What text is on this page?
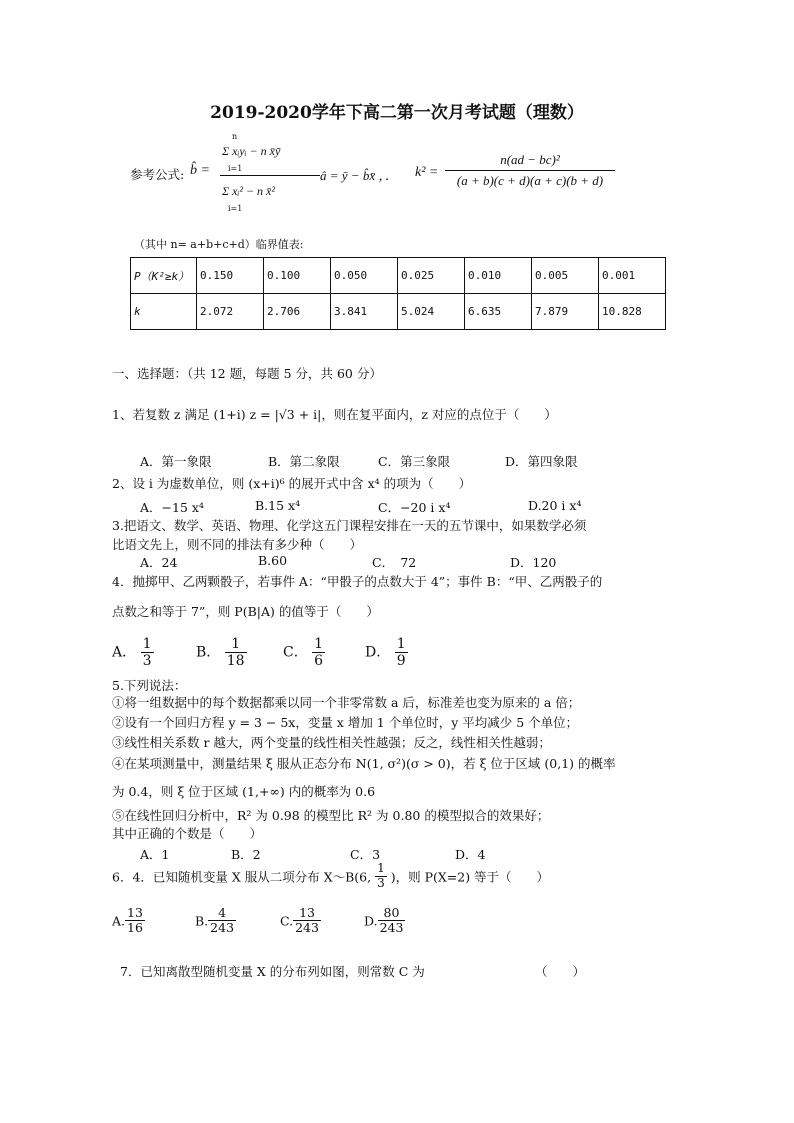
2019-2020学年下高二第一次月考试题（理数）
参考公式: b̂ =
n
Σ xᵢyᵢ − n x̄ȳ
i=1
Σ xᵢ² − n x̄²
i=1
â = ȳ − b̂x̄ ，． $k^2 = \frac{\text{n(ad − bc)²}}{(a + b)(c + d)(a + c)(b + d)}$
（其中 n= a+b+c+d）临界值表:
P（K²≥k）	0.150	0.100	0.050	0.025	0.010	0.005	0.001
k	2.072	2.706	3.841	5.024	6.635	7.879	10.828
一、选择题：（共 12 题，每题 5 分，共 60 分）
1、若复数 z 满足 (1+i) z = |√3 + i|，则在复平面内，z 对应的点位于（　　）
A．第一象限	B．第二象限	C．第三象限	D．第四象限
2、设 i 为虚数单位，则 (x+i)⁶ 的展开式中含 x⁴ 的项为（　　）
A．−15 x⁴	B.15 x⁴	C．−20 i x⁴	D.20 i x⁴
3.把语文、数学、英语、物理、化学这五门课程安排在一天的五节课中，如果数学必须
比语文先上，则不同的排法有多少种（　　）
A．24	B.60	C．　72	D．120
4．抛掷甲、乙两颗骰子，若事件 A：“甲骰子的点数大于 4”；事件 B：“甲、乙两骰子的
点数之和等于 7”，则 P(B|A) 的值等于（　　）
A． $\frac{1}{3}$	B． $\frac{1}{18}$	C． $\frac{1}{6}$	D． $\frac{1}{9}$
5.下列说法：
①将一组数据中的每个数据都乘以同一个非零常数 a 后，标准差也变为原来的 a 倍；
②设有一个回归方程 y = 3 − 5x，变量 x 增加 1 个单位时，y 平均减少 5 个单位；
③线性相关系数 r 越大，两个变量的线性相关性越强；反之，线性相关性越弱；
④在某项测量中，测量结果 ξ 服从正态分布 N(1, σ²)(σ > 0)，若 ξ 位于区域 (0,1) 的概率
为 0.4，则 ξ 位于区域 (1,+∞) 内的概率为 0.6
⑤在线性回归分析中，R² 为 0.98 的模型比 R² 为 0.80 的模型拟合的效果好；
其中正确的个数是（　　）
A．1	B．2	C．3	D．4
6．4．已知随机变量 X 服从二项分布 X～B(6, $\frac{1}{3}$ )，则 P(X=2) 等于（　　）
A. $\frac{13}{16}$	B. $\frac{4}{243}$	C. $\frac{13}{243}$	D. $\frac{80}{243}$
7．已知离散型随机变量 X 的分布列如图，则常数 C 为	（　　）
